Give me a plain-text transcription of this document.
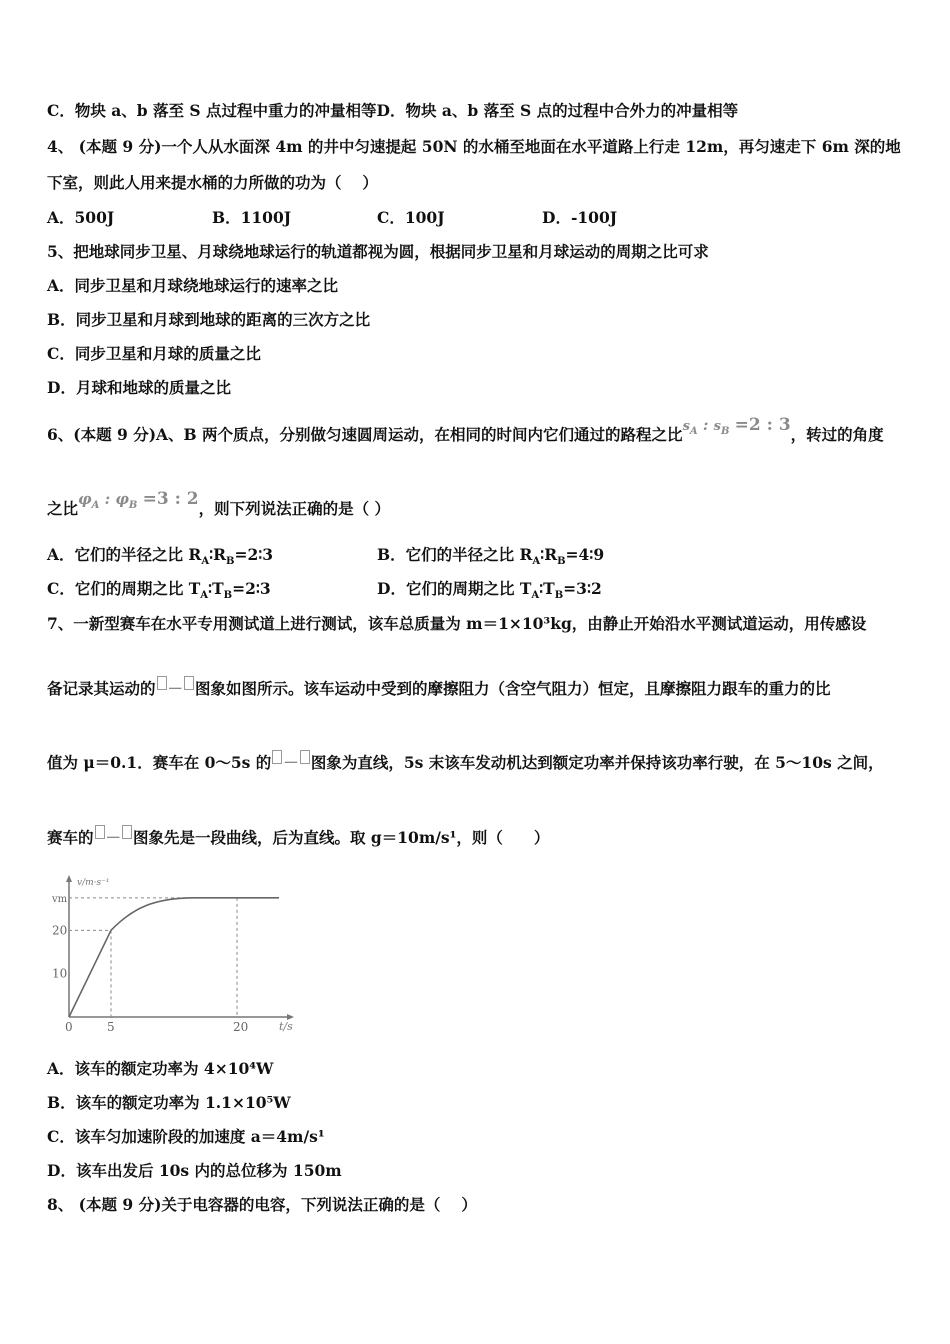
C．物块 a、b 落至 S 点过程中重力的冲量相等D．物块 a、b 落至 S 点的过程中合外力的冲量相等
4、 (本题 9 分)一个人从水面深 4m 的井中匀速提起 50N 的水桶至地面在水平道路上行走 12m，再匀速走下 6m 深的地
下室，则此人用来提水桶的力所做的功为（　 ）
A．500J	B．1100J	C．100J	D．-100J
5、把地球同步卫星、月球绕地球运行的轨道都视为圆，根据同步卫星和月球运动的周期之比可求
A．同步卫星和月球绕地球运行的速率之比
B．同步卫星和月球到地球的距离的三次方之比
C．同步卫星和月球的质量之比
D．月球和地球的质量之比
6、(本题 9 分)A、B 两个质点，分别做匀速圆周运动，在相同的时间内它们通过的路程之比$s_A$ : $s_B =2$ : 3，转过的角度
之比$\varphi_A$ : $\varphi_B =3$ : 2，则下列说法正确的是（ ）
A．它们的半径之比 $R_A∶R_B=2∶3$	B．它们的半径之比 $R_A∶R_B=4∶9$
C．它们的周期之比 $T_A∶T_B=2∶3$	D．它们的周期之比 $T_A∶T_B=3∶2$
7、一新型赛车在水平专用测试道上进行测试，该车总质量为 m＝1×10³kg，由静止开始沿水平测试道运动，用传感设
备记录其运动的 － 图象如图所示。该车运动中受到的摩擦阻力（含空气阻力）恒定，且摩擦阻力跟车的重力的比
值为 μ＝0.1．赛车在 0～5s 的 － 图象为直线，5s 末该车发动机达到额定功率并保持该功率行驶，在 5～10s 之间，
赛车的 － 图象先是一段曲线，后为直线。取 g＝10m/s¹，则（　　）
v/m·s⁻¹
t/s
vm
20
10
0	5	20
A．该车的额定功率为 4×10⁴W
B．该车的额定功率为 1.1×10⁵W
C．该车匀加速阶段的加速度 a＝4m/s¹
D．该车出发后 10s 内的总位移为 150m
8、 (本题 9 分)关于电容器的电容，下列说法正确的是（　 ）
